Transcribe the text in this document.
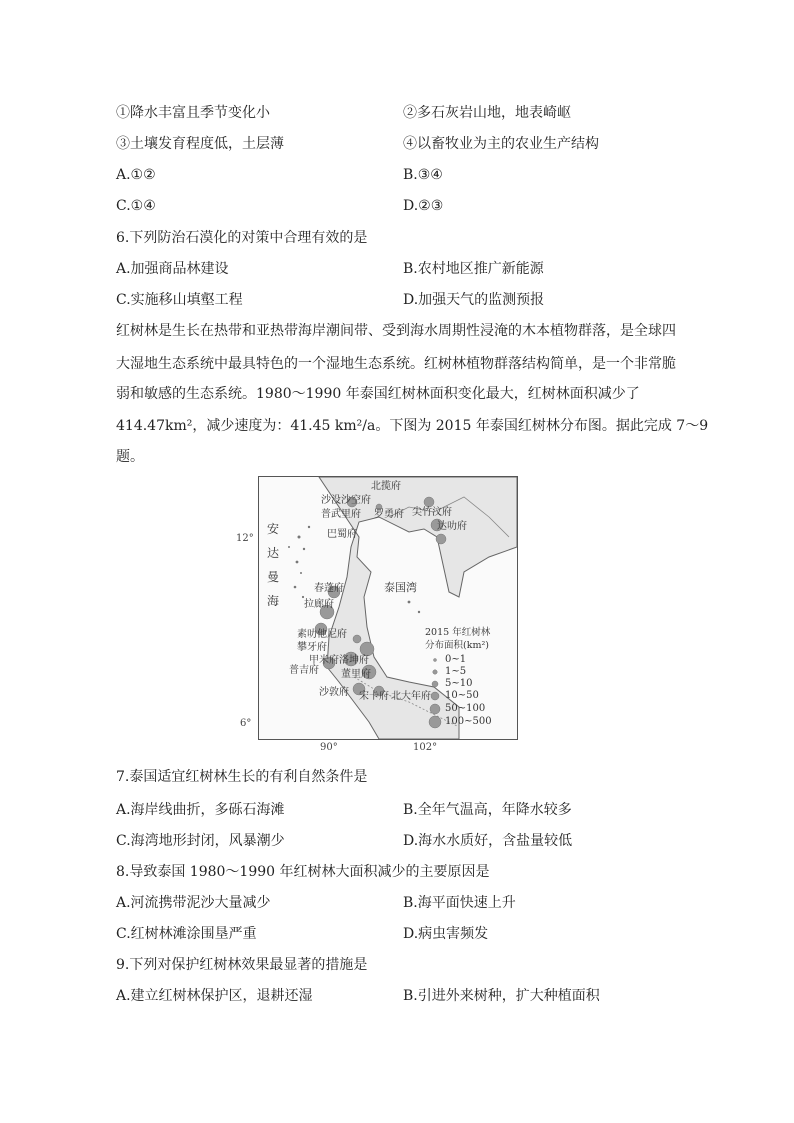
①降水丰富且季节变化小	②多石灰岩山地，地表崎岖
③土壤发育程度低，土层薄	④以畜牧业为主的农业生产结构
A.①②	B.③④
C.①④	D.②③
6.下列防治石漠化的对策中合理有效的是
A.加强商品林建设	B.农村地区推广新能源
C.实施移山填壑工程	D.加强天气的监测预报
红树林是生长在热带和亚热带海岸潮间带、受到海水周期性浸淹的木本植物群落，是全球四
大湿地生态系统中最具特色的一个湿地生态系统。红树林植物群落结构简单，是一个非常脆
弱和敏感的生态系统。1980～1990 年泰国红树林面积变化最大，红树林面积减少了
414.47km²，减少速度为：41.45 km²/a。下图为 2015 年泰国红树林分布图。据此完成 7～9
题。
安达曼海
泰国湾
北揽府
沙没沙空府
普武里府 罗勇府 尖竹汶府
达叻府
巴蜀府
春蓬府
拉廊府
素叻他尼府
攀牙府
甲米府 洛坤府
普吉府 董里府
沙敦府 宋卡府 北大年府
2015 年红树林
分布面积(km²)
0~1
1~5
5~10
10~50
50~100
100~500
12°
6°
90°	102°
7.泰国适宜红树林生长的有利自然条件是
A.海岸线曲折，多砾石海滩	B.全年气温高，年降水较多
C.海湾地形封闭，风暴潮少	D.海水水质好，含盐量较低
8.导致泰国 1980～1990 年红树林大面积减少的主要原因是
A.河流携带泥沙大量减少	B.海平面快速上升
C.红树林滩涂围垦严重	D.病虫害频发
9.下列对保护红树林效果最显著的措施是
A.建立红树林保护区，退耕还湿	B.引进外来树种，扩大种植面积
